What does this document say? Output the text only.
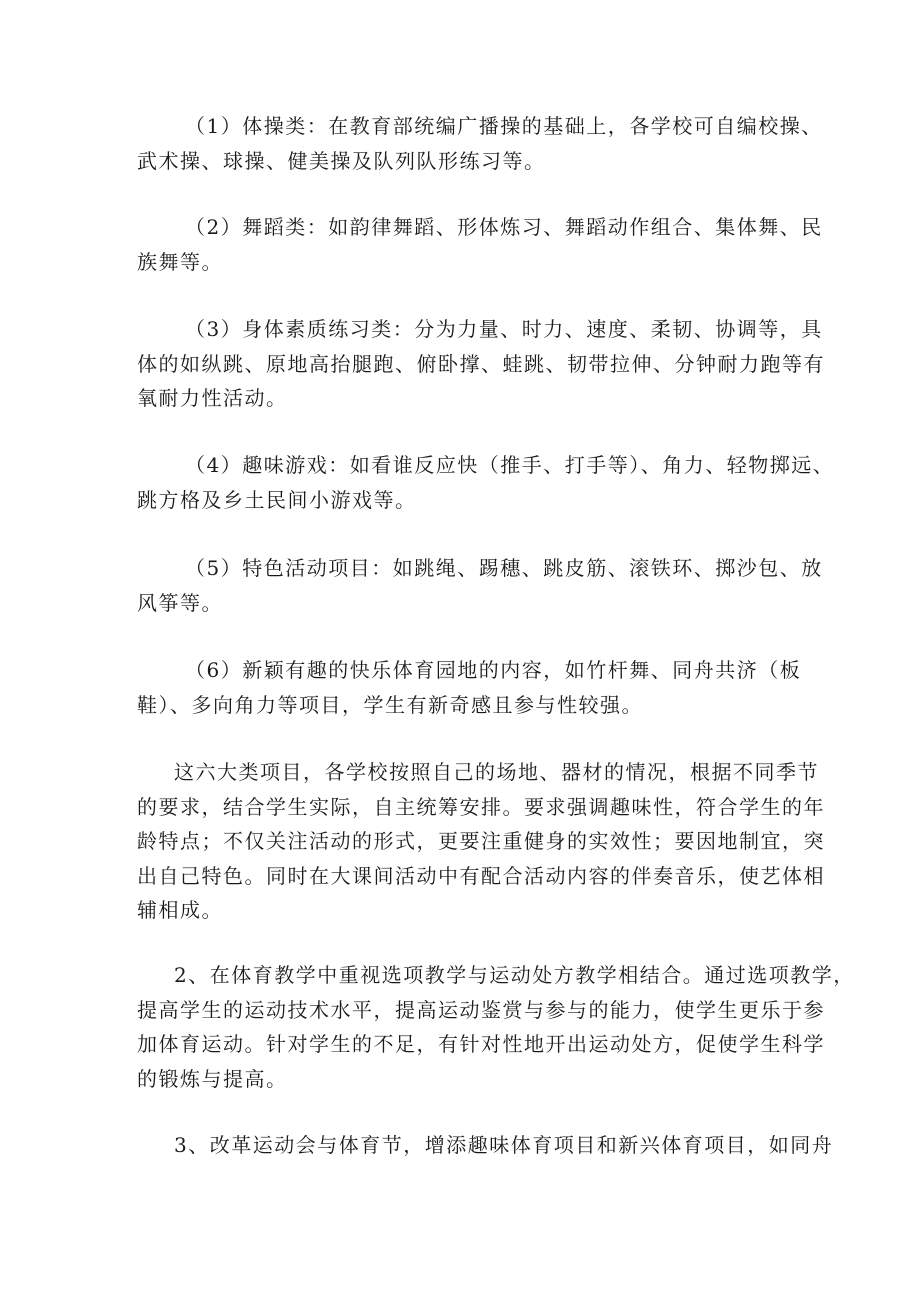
（1）体操类：在教育部统编广播操的基础上，各学校可自编校操、
武术操、球操、健美操及队列队形练习等。
（2）舞蹈类：如韵律舞蹈、形体炼习、舞蹈动作组合、集体舞、民
族舞等。
（3）身体素质练习类：分为力量、时力、速度、柔韧、协调等，具
体的如纵跳、原地高抬腿跑、俯卧撑、蛙跳、韧带拉伸、分钟耐力跑等有
氧耐力性活动。
（4）趣味游戏：如看谁反应快（推手、打手等）、角力、轻物掷远、
跳方格及乡土民间小游戏等。
（5）特色活动项目：如跳绳、踢穗、跳皮筋、滚铁环、掷沙包、放
风筝等。
（6）新颖有趣的快乐体育园地的内容，如竹杆舞、同舟共济（板
鞋）、多向角力等项目，学生有新奇感且参与性较强。
这六大类项目，各学校按照自己的场地、器材的情况，根据不同季节
的要求，结合学生实际，自主统筹安排。要求强调趣味性，符合学生的年
龄特点；不仅关注活动的形式，更要注重健身的实效性；要因地制宜，突
出自己特色。同时在大课间活动中有配合活动内容的伴奏音乐，使艺体相
辅相成。
2、在体育教学中重视选项教学与运动处方教学相结合。通过选项教学，
提高学生的运动技术水平，提高运动鉴赏与参与的能力，使学生更乐于参
加体育运动。针对学生的不足，有针对性地开出运动处方，促使学生科学
的锻炼与提高。
3、改革运动会与体育节，增添趣味体育项目和新兴体育项目，如同舟
